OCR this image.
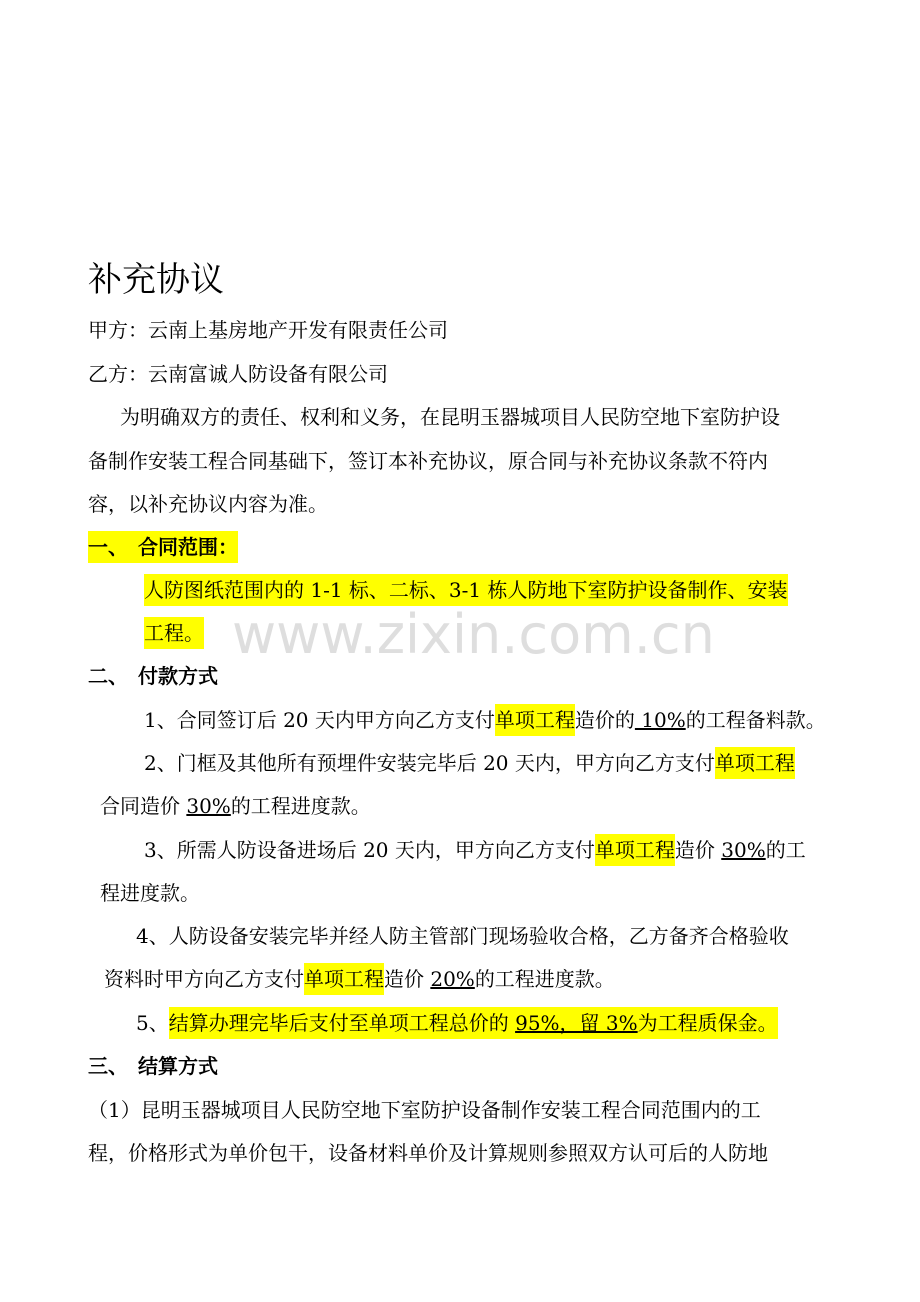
补充协议
甲方：云南上基房地产开发有限责任公司
乙方：云南富诚人防设备有限公司
为明确双方的责任、权利和义务，在昆明玉器城项目人民防空地下室防护设
备制作安装工程合同基础下，签订本补充协议，原合同与补充协议条款不符内
容，以补充协议内容为准。
一、　合同范围：
人防图纸范围内的 1-1 标、二标、3-1 栋人防地下室防护设备制作、安装
工程。
二、　付款方式
1、合同签订后 20 天内甲方向乙方支付单项工程造价的 10%的工程备料款。
2、门框及其他所有预埋件安装完毕后 20 天内，甲方向乙方支付单项工程
合同造价 30%的工程进度款。
3、所需人防设备进场后 20 天内，甲方向乙方支付单项工程造价 30%的工
程进度款。
4、人防设备安装完毕并经人防主管部门现场验收合格，乙方备齐合格验收
资料时甲方向乙方支付单项工程造价 20%的工程进度款。
5、结算办理完毕后支付至单项工程总价的 95%，留 3%为工程质保金。
三、　结算方式
（1）昆明玉器城项目人民防空地下室防护设备制作安装工程合同范围内的工
程，价格形式为单价包干，设备材料单价及计算规则参照双方认可后的人防地
www.zixin.com.cn
